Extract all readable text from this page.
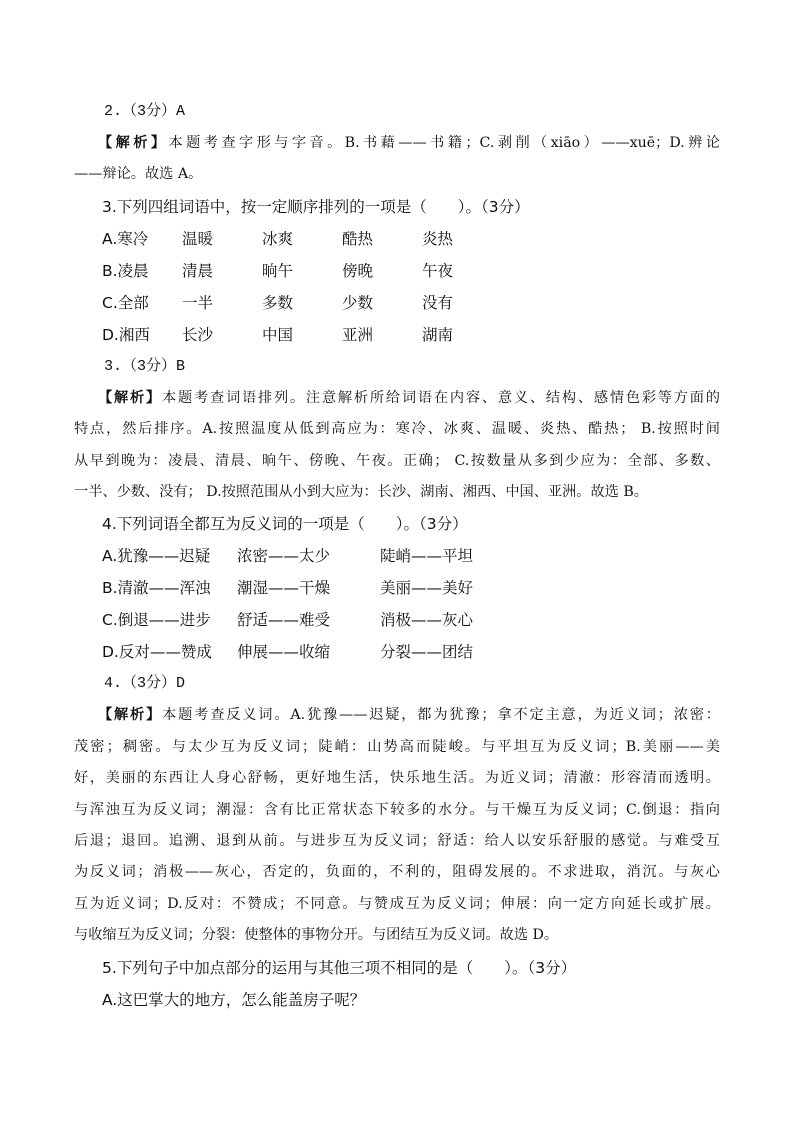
2.（3分）A
【解析】本题考查字形与字音。B.书藉——书籍；C.剥削（xiāo）——xuē；D.辨论
——辩论。故选 A。
3.下列四组词语中，按一定顺序排列的一项是（　　）。（3分）
A.寒冷	温暖	冰爽	酷热	炎热
B.凌晨	清晨	晌午	傍晚	午夜
C.全部	一半	多数	少数	没有
D.湘西	长沙	中国	亚洲	湖南
3.（3分）B
【解析】本题考查词语排列。注意解析所给词语在内容、意义、结构、感情色彩等方面的
特点，然后排序。A.按照温度从低到高应为：寒冷、冰爽、温暖、炎热、酷热； B.按照时间
从早到晚为：凌晨、清晨、晌午、傍晚、午夜。正确； C.按数量从多到少应为：全部、多数、
一半、少数、没有； D.按照范围从小到大应为：长沙、湖南、湘西、中国、亚洲。故选 B。
4.下列词语全都互为反义词的一项是（　　）。（3分）
A.犹豫——迟疑	浓密——太少	陡峭——平坦
B.清澈——浑浊	潮湿——干燥	美丽——美好
C.倒退——进步	舒适——难受	消极——灰心
D.反对——赞成	伸展——收缩	分裂——团结
4.（3分）D
【解析】本题考查反义词。A.犹豫——迟疑，都为犹豫；拿不定主意，为近义词；浓密：
茂密；稠密。与太少互为反义词；陡峭：山势高而陡峻。与平坦互为反义词；B.美丽——美
好，美丽的东西让人身心舒畅，更好地生活，快乐地生活。为近义词；清澈：形容清而透明。
与浑浊互为反义词；潮湿：含有比正常状态下较多的水分。与干燥互为反义词；C.倒退：指向
后退；退回。追溯、退到从前。与进步互为反义词；舒适：给人以安乐舒服的感觉。与难受互
为反义词；消极——灰心，否定的，负面的，不利的，阻碍发展的。不求进取，消沉。与灰心
互为近义词；D.反对：不赞成；不同意。与赞成互为反义词；伸展：向一定方向延长或扩展。
与收缩互为反义词；分裂：使整体的事物分开。与团结互为反义词。故选 D。
5.下列句子中加点部分的运用与其他三项不相同的是（　　）。（3分）
A.这巴掌大的地方，怎么能盖房子呢？
